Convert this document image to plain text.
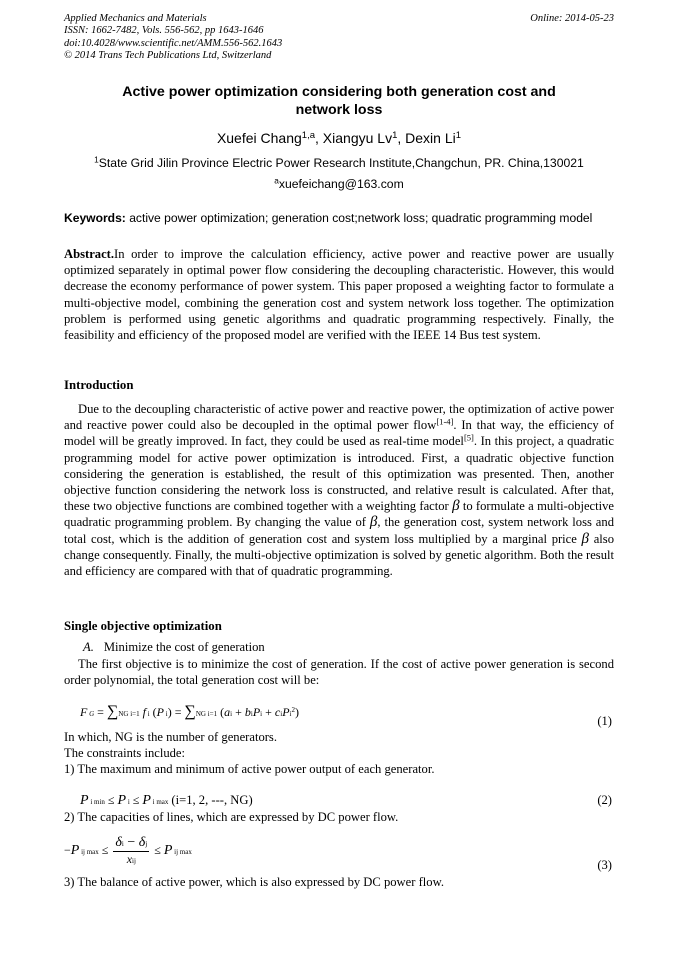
Applied Mechanics and Materials
ISSN: 1662-7482, Vols. 556-562, pp 1643-1646
doi:10.4028/www.scientific.net/AMM.556-562.1643
© 2014 Trans Tech Publications Ltd, Switzerland
Online: 2014-05-23
Active power optimization considering both generation cost and
network loss
Xuefei Chang$^{1,a}$, Xiangyu Lv$^1$, Dexin Li$^1$
$^1$State Grid Jilin Province Electric Power Research Institute,Changchun, PR. China,130021
$^a$xuefeichang@163.com
Keywords: active power optimization; generation cost;network loss; quadratic programming model
Abstract.In order to improve the calculation efficiency, active power and reactive power are usually optimized separately in optimal power flow considering the decoupling characteristic. However, this would decrease the economy performance of power system. This paper proposed a weighting factor to formulate a multi-objective model, combining the generation cost and system network loss together. The optimization problem is performed using genetic algorithms and quadratic programming respectively. Finally, the feasibility and efficiency of the proposed model are verified with the IEEE 14 Bus test system.
Introduction
Due to the decoupling characteristic of active power and reactive power, the optimization of active power and reactive power could also be decoupled in the optimal power flow[1-4]. In that way, the efficiency of model will be greatly improved. In fact, they could be used as real-time model[5]. In this project, a quadratic programming model for active power optimization is introduced. First, a quadratic objective function considering the generation is established, the result of this optimization was presented. Then, another objective function considering the network loss is constructed, and relative result is calculated. After that, these two objective functions are combined together with a weighting factor β to formulate a multi-objective quadratic programming problem. By changing the value of β, the generation cost, system network loss and total cost, which is the addition of generation cost and system loss multiplied by a marginal price β also change consequently. Finally, the multi-objective optimization is solved by genetic algorithm. Both the result and efficiency are compared with that of quadratic programming.
Single objective optimization
A. Minimize the cost of generation
The first objective is to minimize the cost of generation. If the cost of active power generation is second order polynomial, the total generation cost will be:
F G = ∑NG i=1 f i (P i) = ∑NG i=1 (ai + biPi + ciPi$^2$)
(1)
In which, NG is the number of generators.
The constraints include:
1) The maximum and minimum of active power output of each generator.
P i min ≤ P i ≤ P i max (i=1, 2, ---, NG)	(2)
2) The capacities of lines, which are expressed by DC power flow.
−P ij $\max \le \frac{\delta i - \delta j}{\text{xij}} \le P$ ij max
(3)
3) The balance of active power, which is also expressed by DC power flow.
